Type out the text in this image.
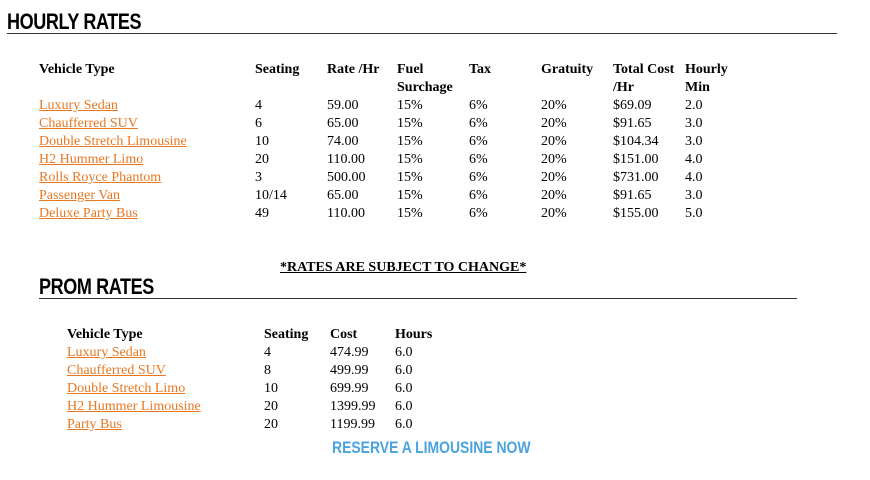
HOURLY RATES
Vehicle Type	Seating	Rate /Hr	Fuel Surchage	Tax	Gratuity	Total Cost /Hr	Hourly Min
Luxury Sedan	4	59.00	15%	6%	20%	$69.09	2.0
Chaufferred SUV	6	65.00	15%	6%	20%	$91.65	3.0
Double Stretch Limousine	10	74.00	15%	6%	20%	$104.34	3.0
H2 Hummer Limo	20	110.00	15%	6%	20%	$151.00	4.0
Rolls Royce Phantom	3	500.00	15%	6%	20%	$731.00	4.0
Passenger Van	10/14	65.00	15%	6%	20%	$91.65	3.0
Deluxe Party Bus	49	110.00	15%	6%	20%	$155.00	5.0
*RATES ARE SUBJECT TO CHANGE*
PROM RATES
Vehicle Type	Seating	Cost	Hours
Luxury Sedan	4	474.99	6.0
Chaufferred SUV	8	499.99	6.0
Double Stretch Limo	10	699.99	6.0
H2 Hummer Limousine	20	1399.99	6.0
Party Bus	20	1199.99	6.0
RESERVE A LIMOUSINE NOW
